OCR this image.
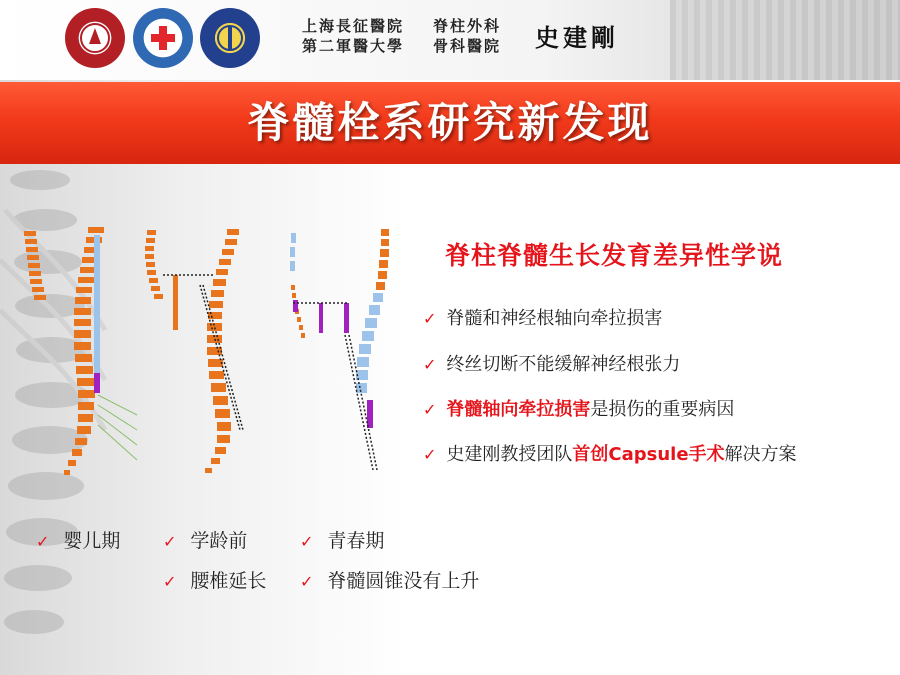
上海長征醫院
第二軍醫大學
脊柱外科
骨科醫院 史建剛
脊髓栓系研究新发现
脊柱脊髓生长发育差异性学说
✓ 脊髓和神经根轴向牵拉损害
✓ 终丝切断不能缓解神经根张力
✓ 脊髓轴向牵拉损害是损伤的重要病因
✓ 史建刚教授团队首创Capsule手术解决方案
✓ 婴儿期	✓ 学龄前	✓ 青春期
✓ 腰椎延长 ✓ 脊髓圆锥没有上升
